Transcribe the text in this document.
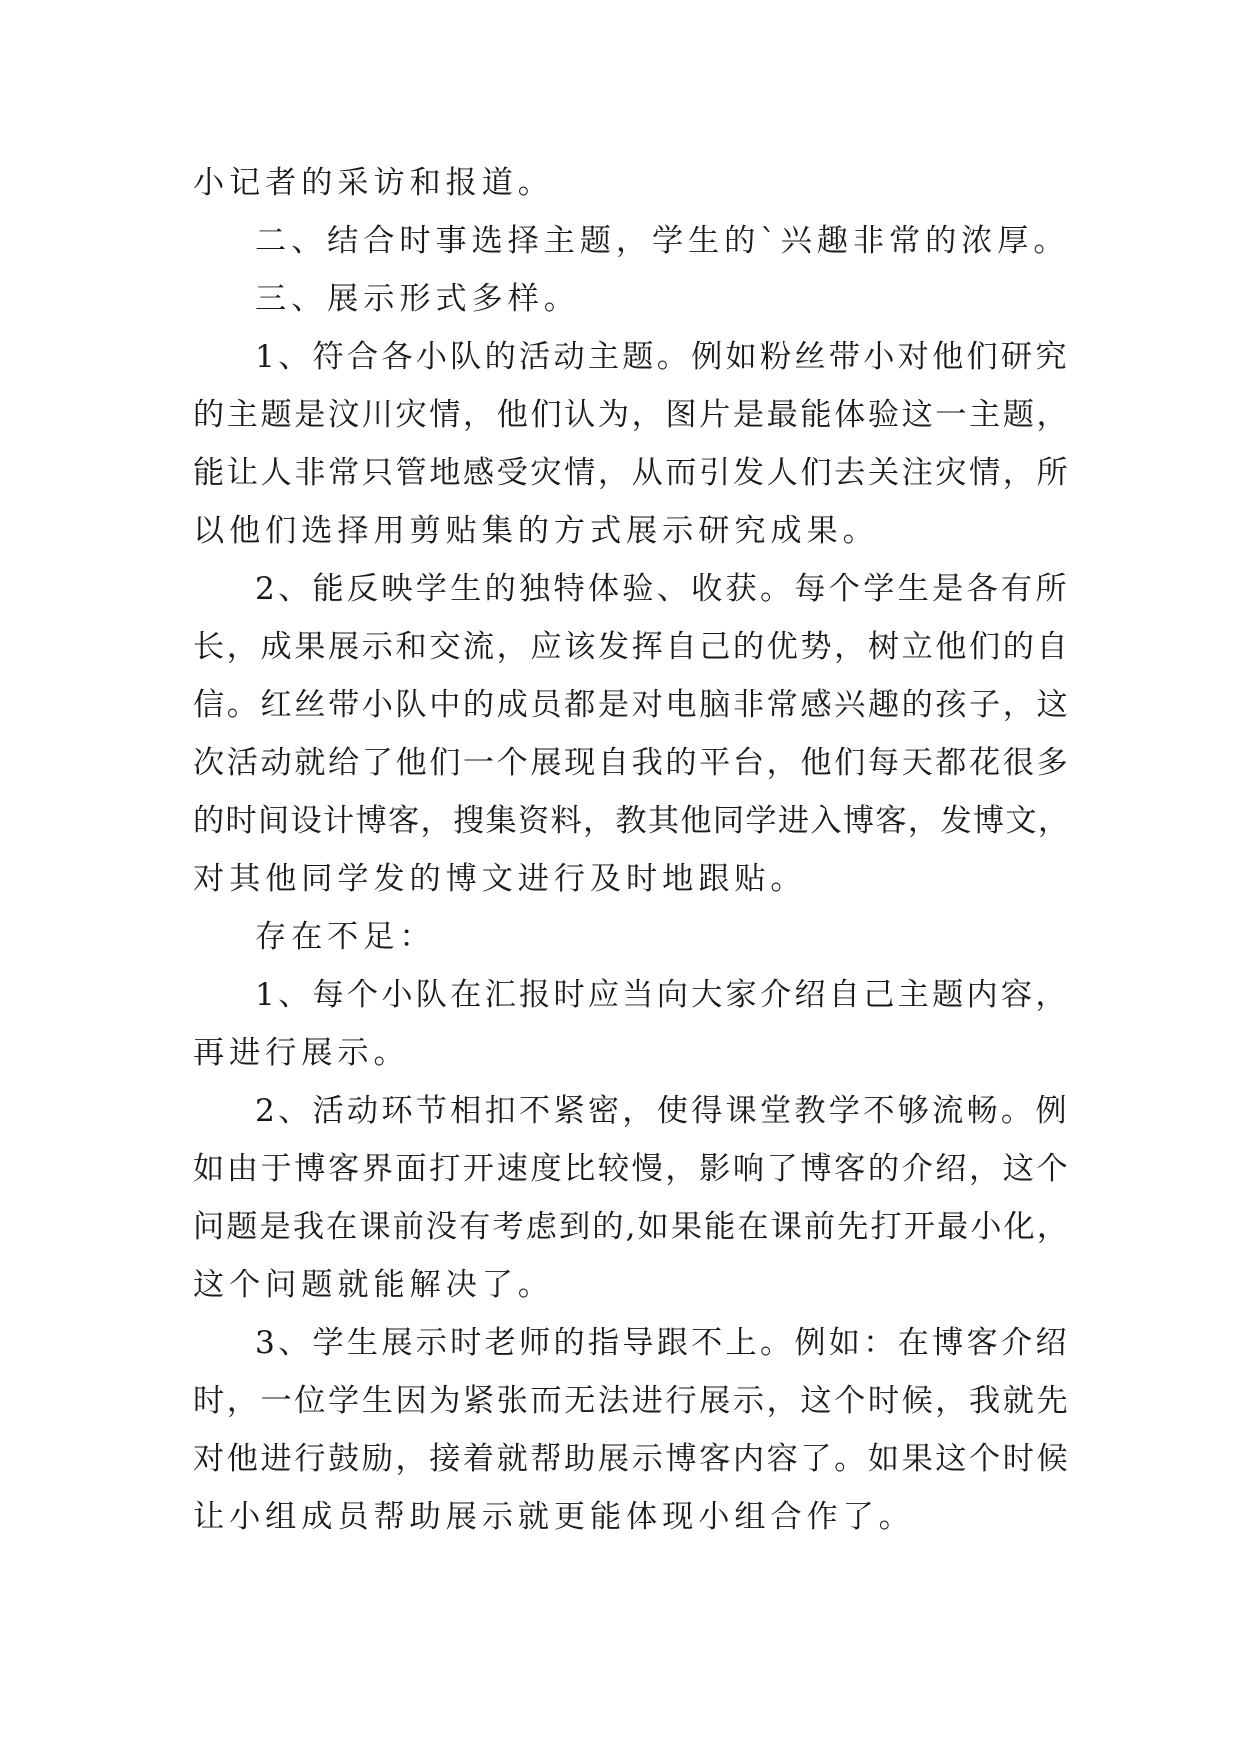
小记者的采访和报道。

二、结合时事选择主题，学生的`兴趣非常的浓厚。

三、展示形式多样。

1、符合各小队的活动主题。例如粉丝带小对他们研究

的主题是汶川灾情，他们认为，图片是最能体验这一主题，

能让人非常只管地感受灾情，从而引发人们去关注灾情，所

以他们选择用剪贴集的方式展示研究成果。

2、能反映学生的独特体验、收获。每个学生是各有所

长，成果展示和交流，应该发挥自己的优势，树立他们的自

信。红丝带小队中的成员都是对电脑非常感兴趣的孩子，这

次活动就给了他们一个展现自我的平台，他们每天都花很多

的时间设计博客，搜集资料，教其他同学进入博客，发博文，

对其他同学发的博文进行及时地跟贴。

存在不足：

1、每个小队在汇报时应当向大家介绍自己主题内容，

再进行展示。

2、活动环节相扣不紧密，使得课堂教学不够流畅。例

如由于博客界面打开速度比较慢，影响了博客的介绍，这个

问题是我在课前没有考虑到的,如果能在课前先打开最小化，

这个问题就能解决了。

3、学生展示时老师的指导跟不上。例如：在博客介绍

时，一位学生因为紧张而无法进行展示，这个时候，我就先

对他进行鼓励，接着就帮助展示博客内容了。如果这个时候

让小组成员帮助展示就更能体现小组合作了。
